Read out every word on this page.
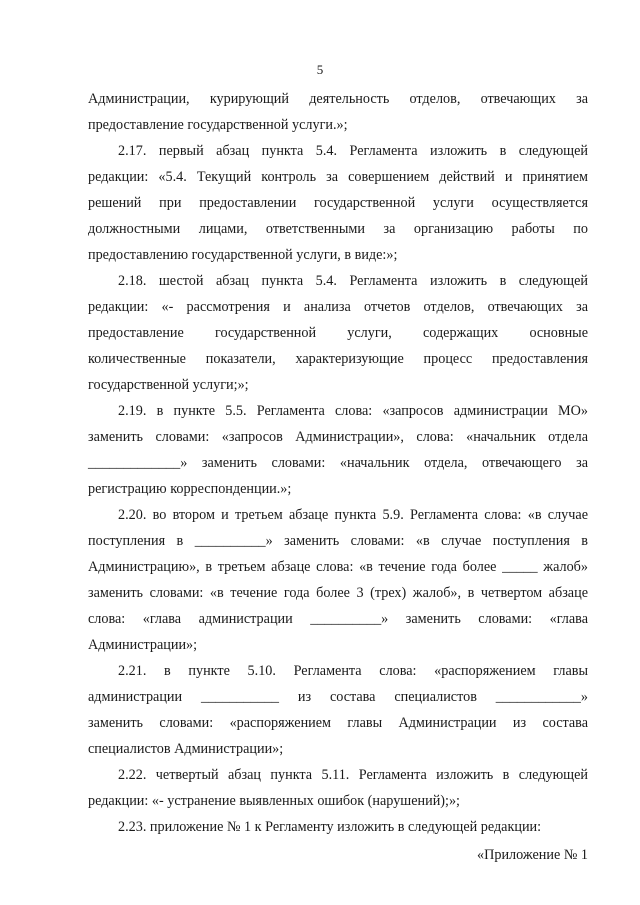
5
Администрации, курирующий деятельность отделов, отвечающих за
предоставление государственной услуги.»;
2.17. первый абзац пункта 5.4. Регламента изложить в следующей
редакции: «5.4. Текущий контроль за совершением действий и принятием
решений при предоставлении государственной услуги осуществляется
должностными лицами, ответственными за организацию работы по
предоставлению государственной услуги, в виде:»;
2.18. шестой абзац пункта 5.4. Регламента изложить в следующей
редакции: «- рассмотрения и анализа отчетов отделов, отвечающих за
предоставление государственной услуги, содержащих основные
количественные показатели, характеризующие процесс предоставления
государственной услуги;»;
2.19. в пункте 5.5. Регламента слова: «запросов администрации МО»
заменить словами: «запросов Администрации», слова: «начальник отдела
_____________» заменить словами: «начальник отдела, отвечающего за
регистрацию корреспонденции.»;
2.20. во втором и третьем абзаце пункта 5.9. Регламента слова: «в случае
поступления в __________» заменить словами: «в случае поступления в
Администрацию», в третьем абзаце слова: «в течение года более _____ жалоб»
заменить словами: «в течение года более 3 (трех) жалоб», в четвертом абзаце
слова: «глава администрации __________» заменить словами: «глава
Администрации»;
2.21. в пункте 5.10. Регламента слова: «распоряжением главы
администрации ___________ из состава специалистов ____________»
заменить словами: «распоряжением главы Администрации из состава
специалистов Администрации»;
2.22. четвертый абзац пункта 5.11. Регламента изложить в следующей
редакции: «- устранение выявленных ошибок (нарушений);»;
2.23. приложение № 1 к Регламенту изложить в следующей редакции:
«Приложение № 1
